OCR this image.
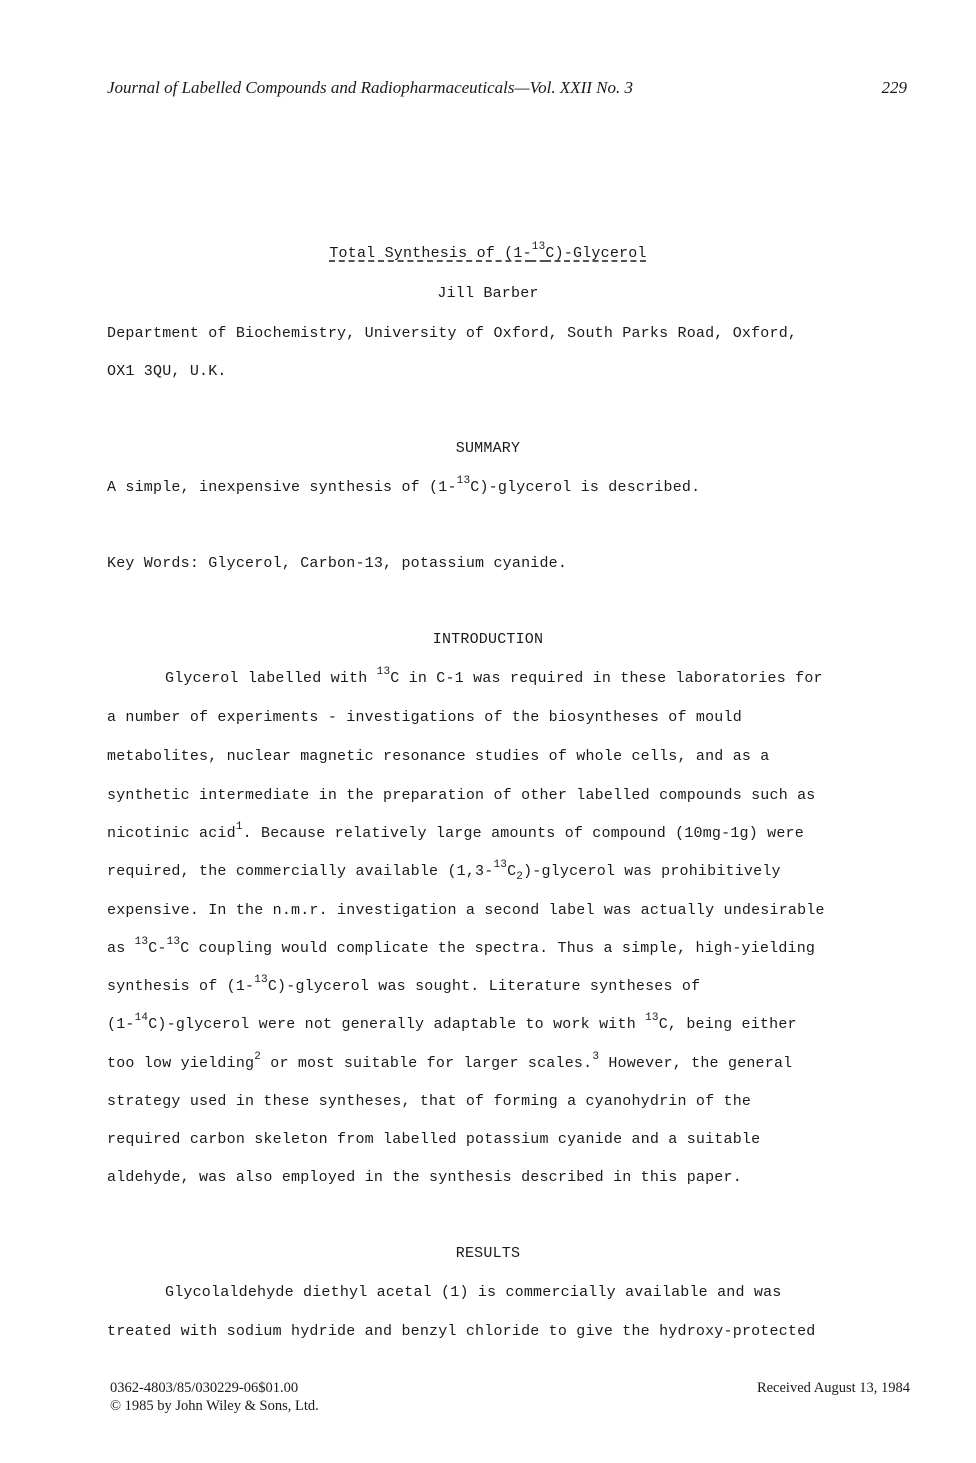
Journal of Labelled Compounds and Radiopharmaceuticals—Vol. XXII No. 3	229
Total Synthesis of (1-$^{13}$C)-Glycerol
Jill Barber
Department of Biochemistry, University of Oxford, South Parks Road, Oxford,
OX1 3QU, U.K.
SUMMARY
A simple, inexpensive synthesis of (1-$^{13}$C)-glycerol is described.
Key Words: Glycerol, Carbon-13, potassium cyanide.
INTRODUCTION
Glycerol labelled with $^{13}$C in C-1 was required in these laboratories for
a number of experiments - investigations of the biosyntheses of mould
metabolites, nuclear magnetic resonance studies of whole cells, and as a
synthetic intermediate in the preparation of other labelled compounds such as
nicotinic acid$^1$. Because relatively large amounts of compound (10mg-1g) were
required, the commercially available $(1,3-^{13}C_2)$-glycerol was prohibitively
expensive. In the n.m.r. investigation a second label was actually undesirable
as $^{13}$C-$^{13}$C coupling would complicate the spectra. Thus a simple, high-yielding
synthesis of (1-$^{13}$C)-glycerol was sought. Literature syntheses of
(1-$^{14}$C)-glycerol were not generally adaptable to work with $^{13}$C, being either
too low yielding$^2$ or most suitable for larger scales.$^3$ However, the general
strategy used in these syntheses, that of forming a cyanohydrin of the
required carbon skeleton from labelled potassium cyanide and a suitable
aldehyde, was also employed in the synthesis described in this paper.
RESULTS
Glycolaldehyde diethyl acetal (1) is commercially available and was
treated with sodium hydride and benzyl chloride to give the hydroxy-protected
0362-4803/85/030229-06$01.00
© 1985 by John Wiley & Sons, Ltd.
Received August 13, 1984
